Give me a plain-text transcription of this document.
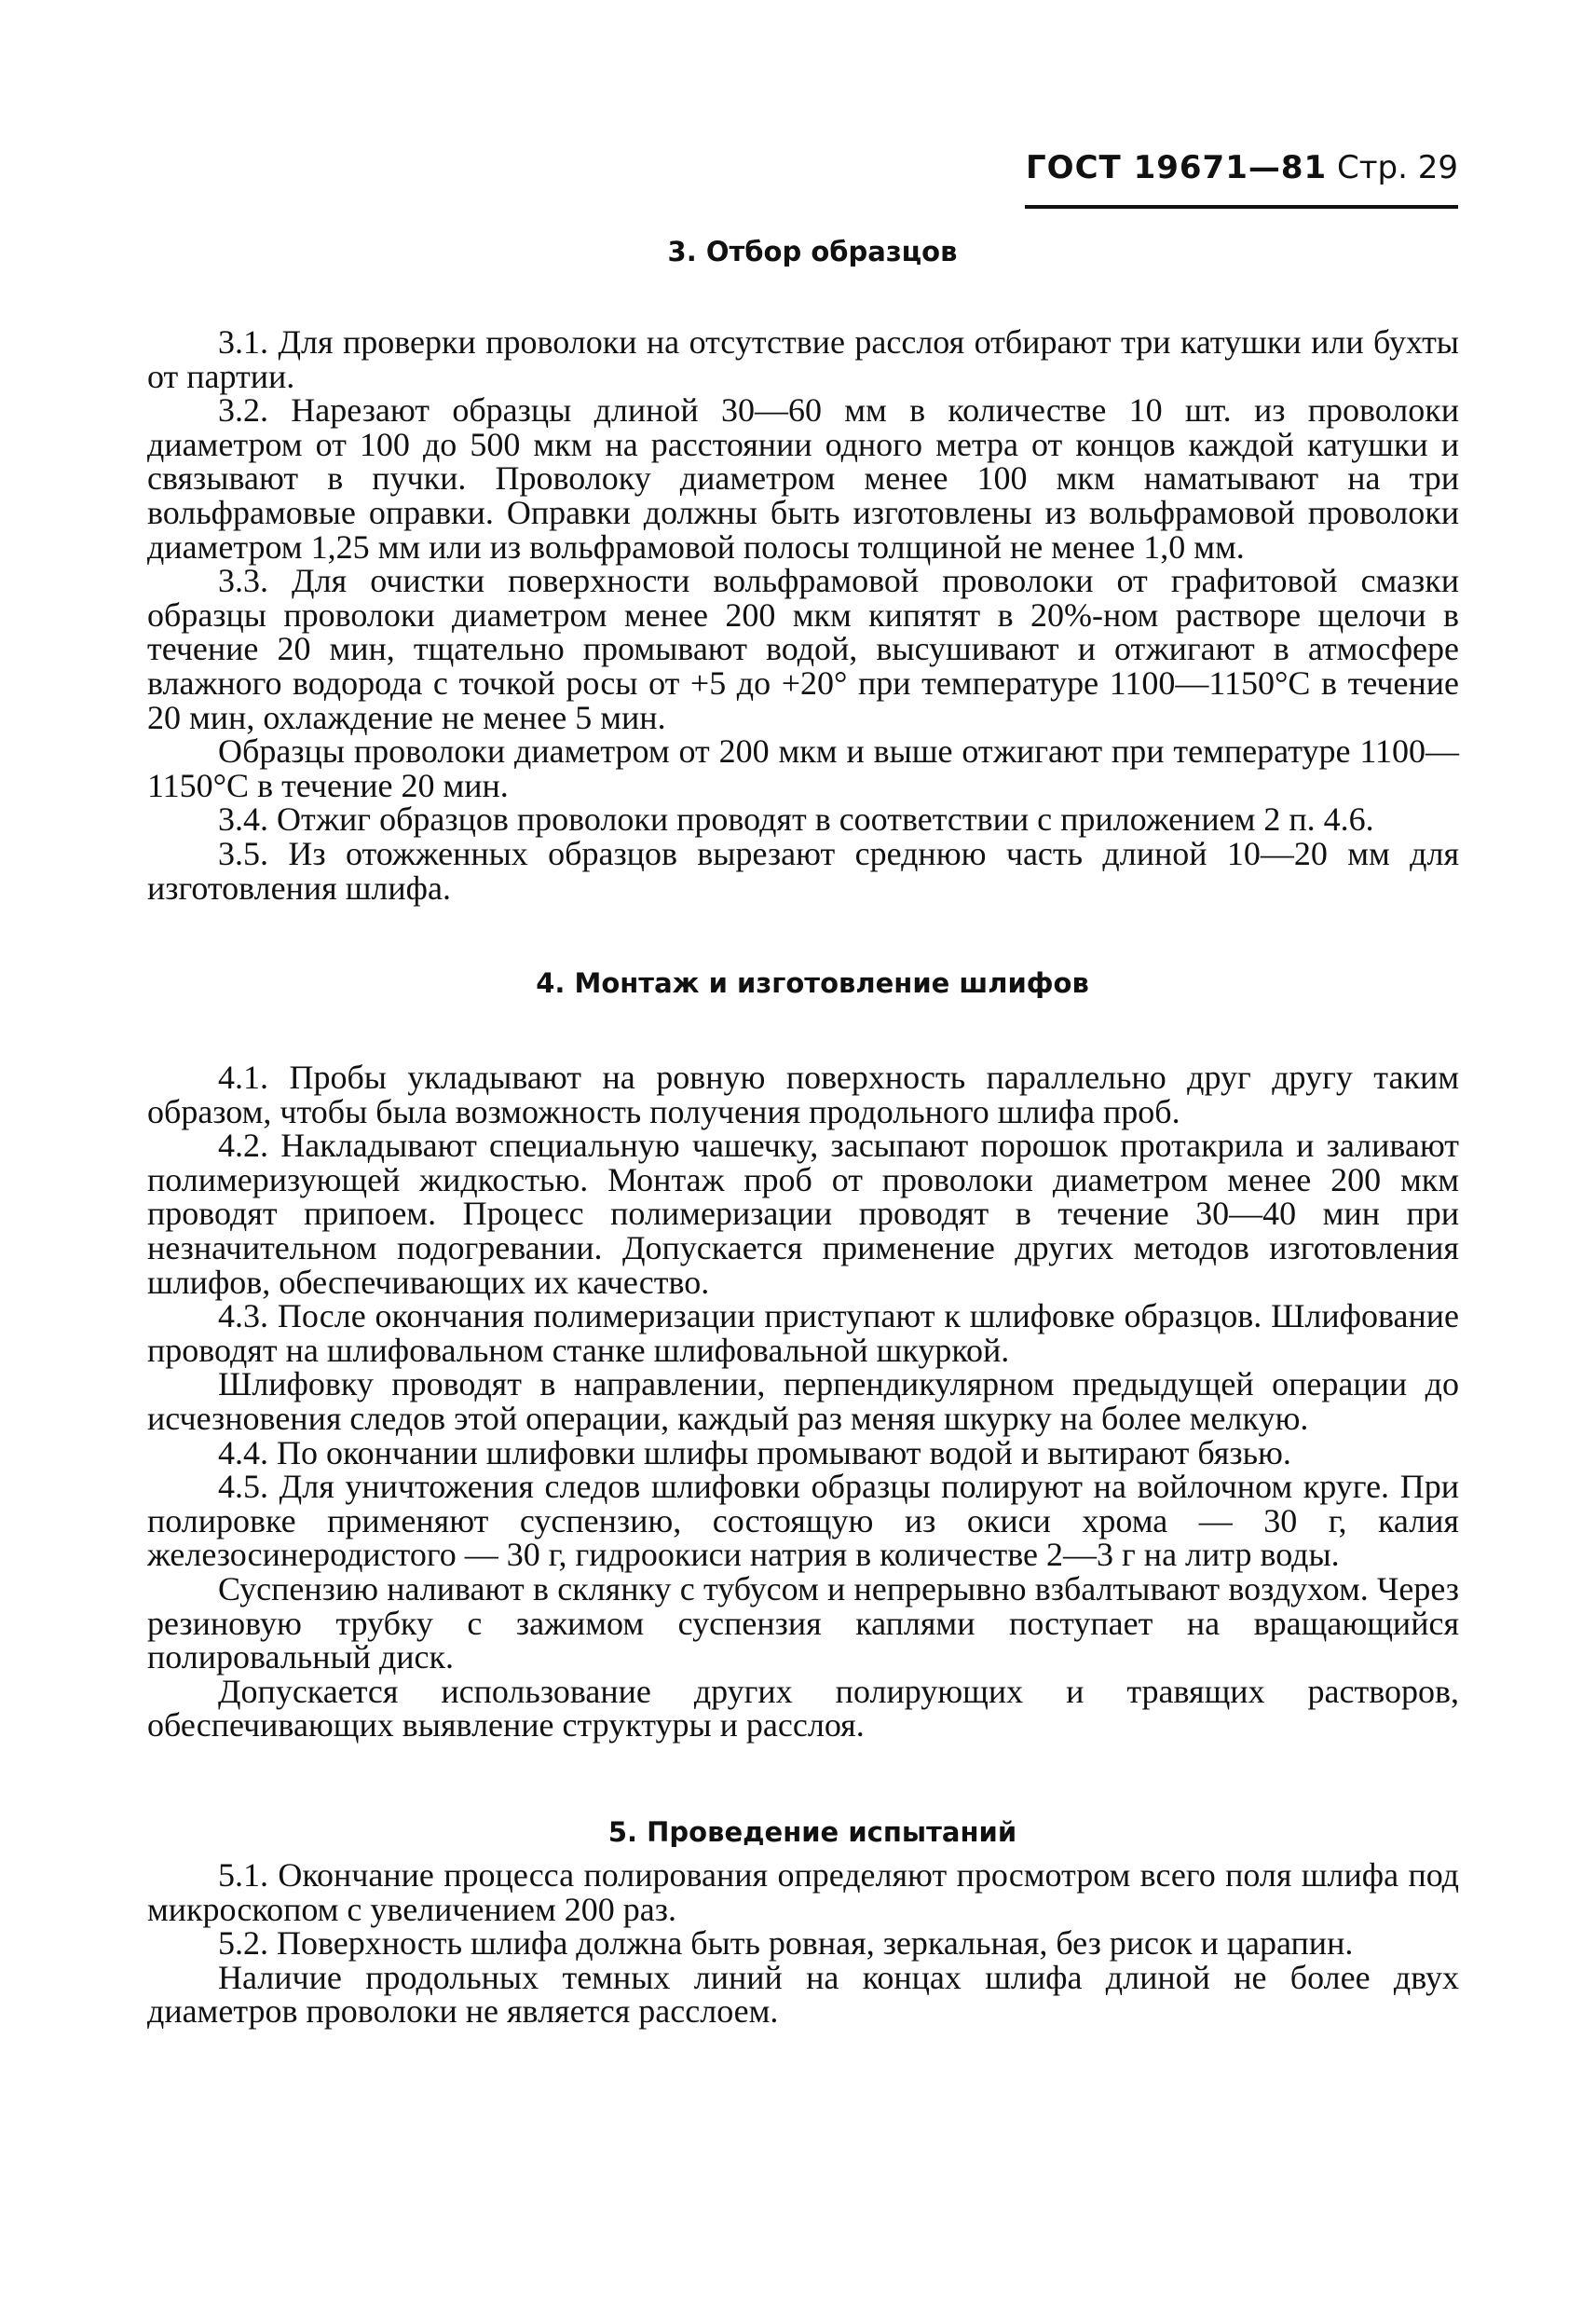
ГОСТ 19671—81 Стр. 29
3. Отбор образцов

3.1. Для проверки проволоки на отсутствие расслоя отбирают три катушки или бухты от партии.

3.2. Нарезают образцы длиной 30—60 мм в количестве 10 шт. из проволоки диаметром от 100 до 500 мкм на расстоянии одного метра от концов каждой катушки и связывают в пучки. Проволоку диаметром менее 100 мкм наматывают на три вольфрамовые оправки. Оправки должны быть изготовлены из вольфрамовой проволоки диаметром 1,25 мм или из вольфрамовой полосы толщиной не менее 1,0 мм.

3.3. Для очистки поверхности вольфрамовой проволоки от графитовой смазки образцы проволоки диаметром менее 200 мкм кипятят в 20%-ном растворе щелочи в течение 20 мин, тщательно промывают водой, высушивают и отжигают в атмосфере влажного водорода с точкой росы от +5 до +20° при температуре 1100—1150°С в течение 20 мин, охлаждение не менее 5 мин.

Образцы проволоки диаметром от 200 мкм и выше отжигают при температуре 1100—1150°С в течение 20 мин.

3.4. Отжиг образцов проволоки проводят в соответствии с приложением 2 п. 4.6.

3.5. Из отожженных образцов вырезают среднюю часть длиной 10—20 мм для изготовления шлифа.

4. Монтаж и изготовление шлифов

4.1. Пробы укладывают на ровную поверхность параллельно друг другу таким образом, чтобы была возможность получения продольного шлифа проб.

4.2. Накладывают специальную чашечку, засыпают порошок протакрила и заливают полимеризующей жидкостью. Монтаж проб от проволоки диаметром менее 200 мкм проводят припоем. Процесс полимеризации проводят в течение 30—40 мин при незначительном подогревании. Допускается применение других методов изготовления шлифов, обеспечивающих их качество.

4.3. После окончания полимеризации приступают к шлифовке образцов. Шлифование проводят на шлифовальном станке шлифовальной шкуркой.

Шлифовку проводят в направлении, перпендикулярном предыдущей операции до исчезновения следов этой операции, каждый раз меняя шкурку на более мелкую.

4.4. По окончании шлифовки шлифы промывают водой и вытирают бязью.

4.5. Для уничтожения следов шлифовки образцы полируют на войлочном круге. При полировке применяют суспензию, состоящую из окиси хрома — 30 г, калия железосинеродистого — 30 г, гидроокиси натрия в количестве 2—3 г на литр воды.

Суспензию наливают в склянку с тубусом и непрерывно взбалтывают воздухом. Через резиновую трубку с зажимом суспензия каплями поступает на вращающийся полировальный диск.

Допускается использование других полирующих и травящих растворов, обеспечивающих выявление структуры и расслоя.

5. Проведение испытаний

5.1. Окончание процесса полирования определяют просмотром всего поля шлифа под микроскопом с увеличением 200 раз.

5.2. Поверхность шлифа должна быть ровная, зеркальная, без рисок и царапин.

Наличие продольных темных линий на концах шлифа длиной не более двух диаметров проволоки не является расслоем.
